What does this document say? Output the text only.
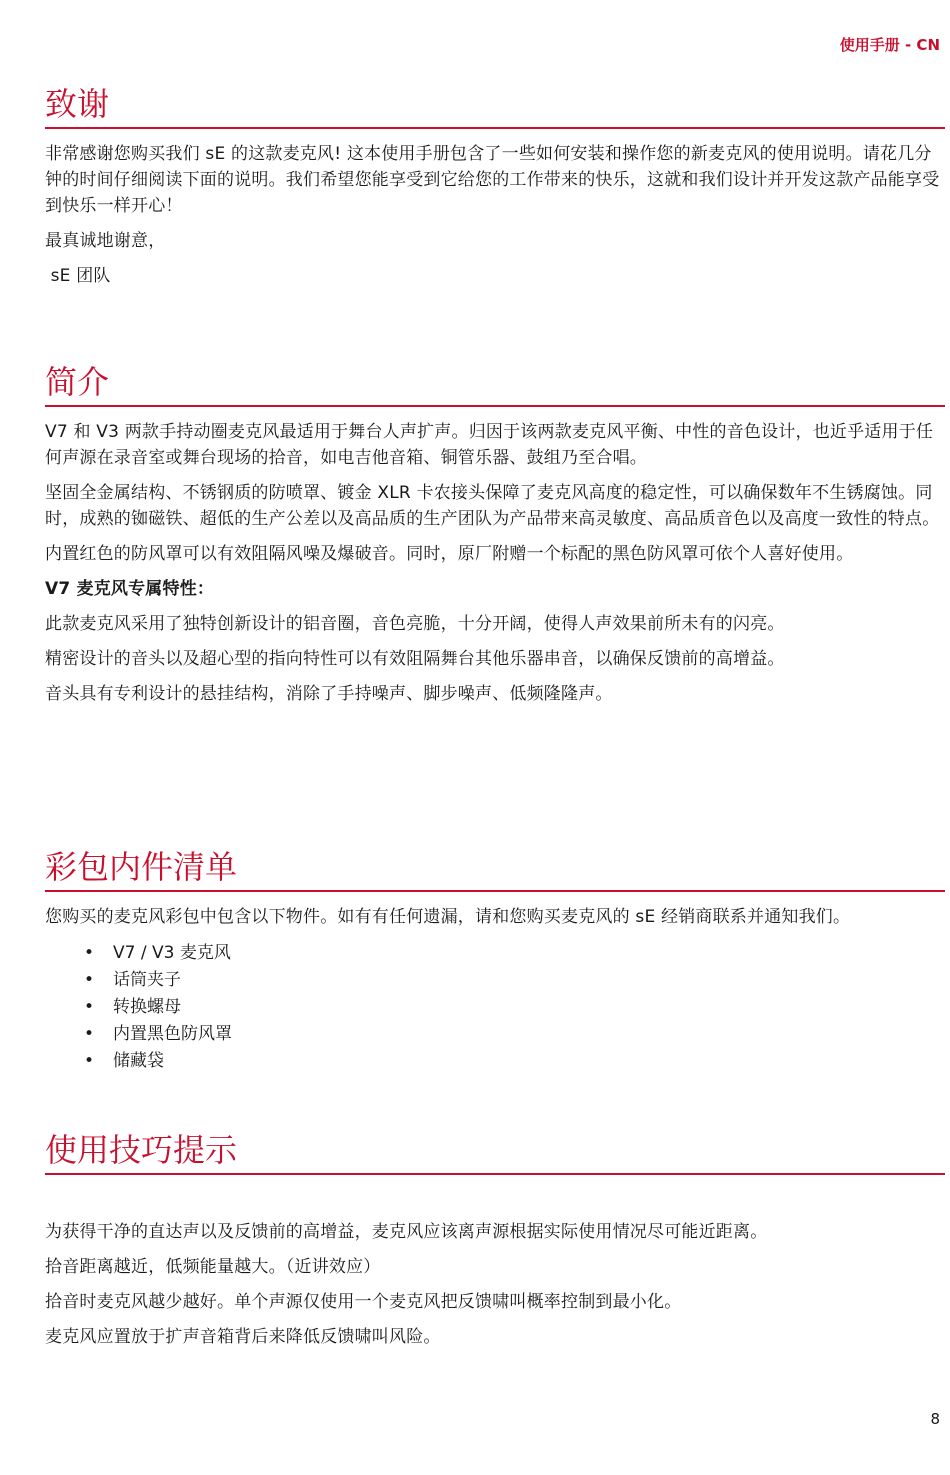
使用手册 - CN
致谢

非常感谢您购买我们 sE 的这款麦克风! 这本使用手册包含了一些如何安装和操作您的新麦克风的使用说明。请花几分钟的时间仔细阅读下面的说明。我们希望您能享受到它给您的工作带来的快乐，这就和我们设计并开发这款产品能享受到快乐一样开心！

最真诚地谢意，

sE 团队

简介

V7 和 V3 两款手持动圈麦克风最适用于舞台人声扩声。归因于该两款麦克风平衡、中性的音色设计，也近乎适用于任何声源在录音室或舞台现场的拾音，如电吉他音箱、铜管乐器、鼓组乃至合唱。

坚固全金属结构、不锈钢质的防喷罩、镀金 XLR 卡农接头保障了麦克风高度的稳定性，可以确保数年不生锈腐蚀。同时，成熟的铷磁铁、超低的生产公差以及高品质的生产团队为产品带来高灵敏度、高品质音色以及高度一致性的特点。

内置红色的防风罩可以有效阻隔风噪及爆破音。同时，原厂附赠一个标配的黑色防风罩可依个人喜好使用。

V7 麦克风专属特性：

此款麦克风采用了独特创新设计的铝音圈，音色亮脆，十分开阔，使得人声效果前所未有的闪亮。

精密设计的音头以及超心型的指向特性可以有效阻隔舞台其他乐器串音，以确保反馈前的高增益。

音头具有专利设计的悬挂结构，消除了手持噪声、脚步噪声、低频隆隆声。

彩包内件清单

您购买的麦克风彩包中包含以下物件。如有有任何遗漏，请和您购买麦克风的 sE 经销商联系并通知我们。

• V7 / V3 麦克风
• 话筒夹子
• 转换螺母
• 内置黑色防风罩
• 储藏袋
使用技巧提示

为获得干净的直达声以及反馈前的高增益，麦克风应该离声源根据实际使用情况尽可能近距离。

拾音距离越近，低频能量越大。（近讲效应）

拾音时麦克风越少越好。单个声源仅使用一个麦克风把反馈啸叫概率控制到最小化。

麦克风应置放于扩声音箱背后来降低反馈啸叫风险。

8
